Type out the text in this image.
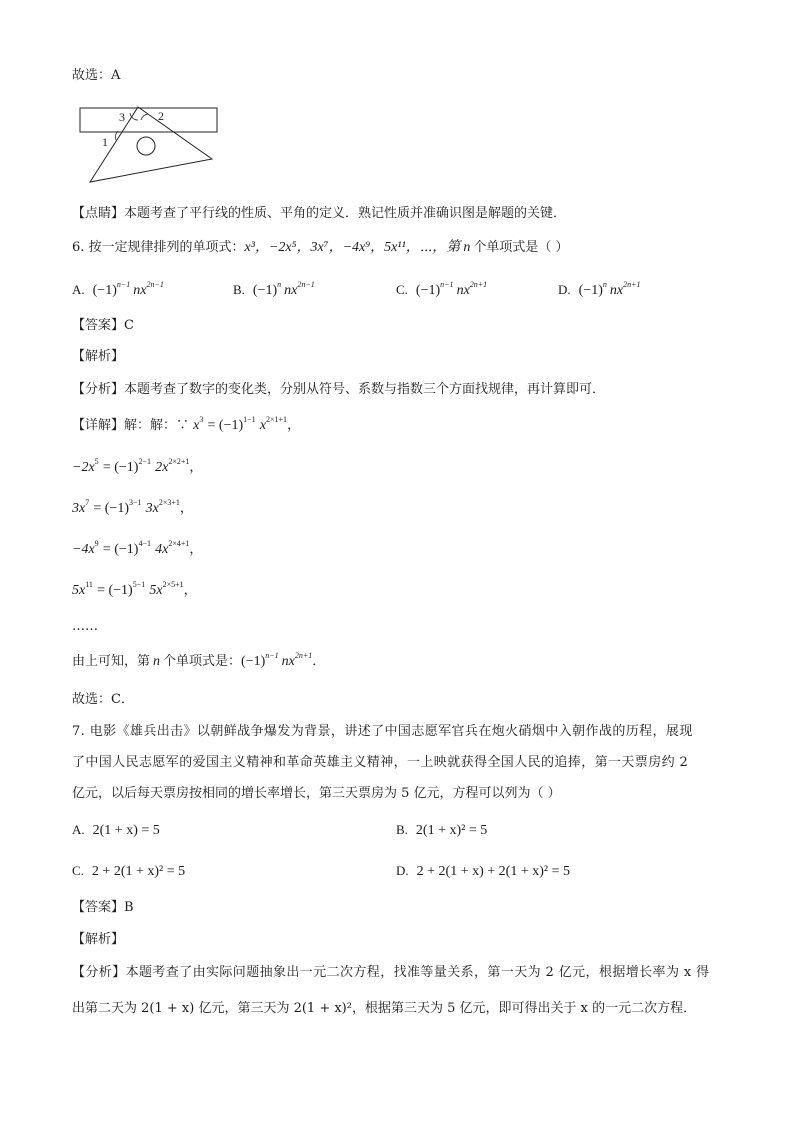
故选：A
3	2
1
【点睛】本题考查了平行线的性质、平角的定义．熟记性质并准确识图是解题的关键．
6. 按一定规律排列的单项式：x³，−2x⁵，3x⁷，−4x⁹，5x¹¹，⋯，第 n 个单项式是（ ）
A. $(-1)^{n-1}$ $nx^{2n-1}$	B. $(-1)^n$ $nx^{2n-1}$	C. $(-1)^{n-1}$ $nx^{2n+1}$	D. $(-1)^n$ $nx^{2n+1}$
【答案】C
【解析】
【分析】本题考查了数字的变化类，分别从符号、系数与指数三个方面找规律，再计算即可．
【详解】解：解：∵ $x^3 = (-1)^{1-1}$ $x^{2\times 1+1}$，
$-2x^5 = (-1)^{2-1}$ $2x^{2\times 2+1}$，
$3x^7 = (-1)^{3-1}$ $3x^{2\times 3+1}$，
$-4x^9 = (-1)^{4-1}$ $4x^{2\times 4+1}$，
$5x^{11} = (-1)^{5-1}$ $5x^{2\times 5+1}$，
……
由上可知，第 n 个单项式是：$(-1)^{n-1}$ $nx^{2n+1}$．
故选：C．
7. 电影《雄兵出击》以朝鲜战争爆发为背景，讲述了中国志愿军官兵在炮火硝烟中入朝作战的历程，展现
了中国人民志愿军的爱国主义精神和革命英雄主义精神，一上映就获得全国人民的追捧，第一天票房约 2
亿元，以后每天票房按相同的增长率增长，第三天票房为 5 亿元，方程可以列为（ ）
A. 2(1 + x) = 5	B. 2(1 + x)² = 5
C. 2 + 2(1 + x)² = 5	D. 2 + 2(1 + x) + 2(1 + x)² = 5
【答案】B
【解析】
【分析】本题考查了由实际问题抽象出一元二次方程，找准等量关系，第一天为 2 亿元，根据增长率为 x 得
出第二天为 2(1 + x) 亿元，第三天为 2(1 + x)²，根据第三天为 5 亿元，即可得出关于 x 的一元二次方程．
